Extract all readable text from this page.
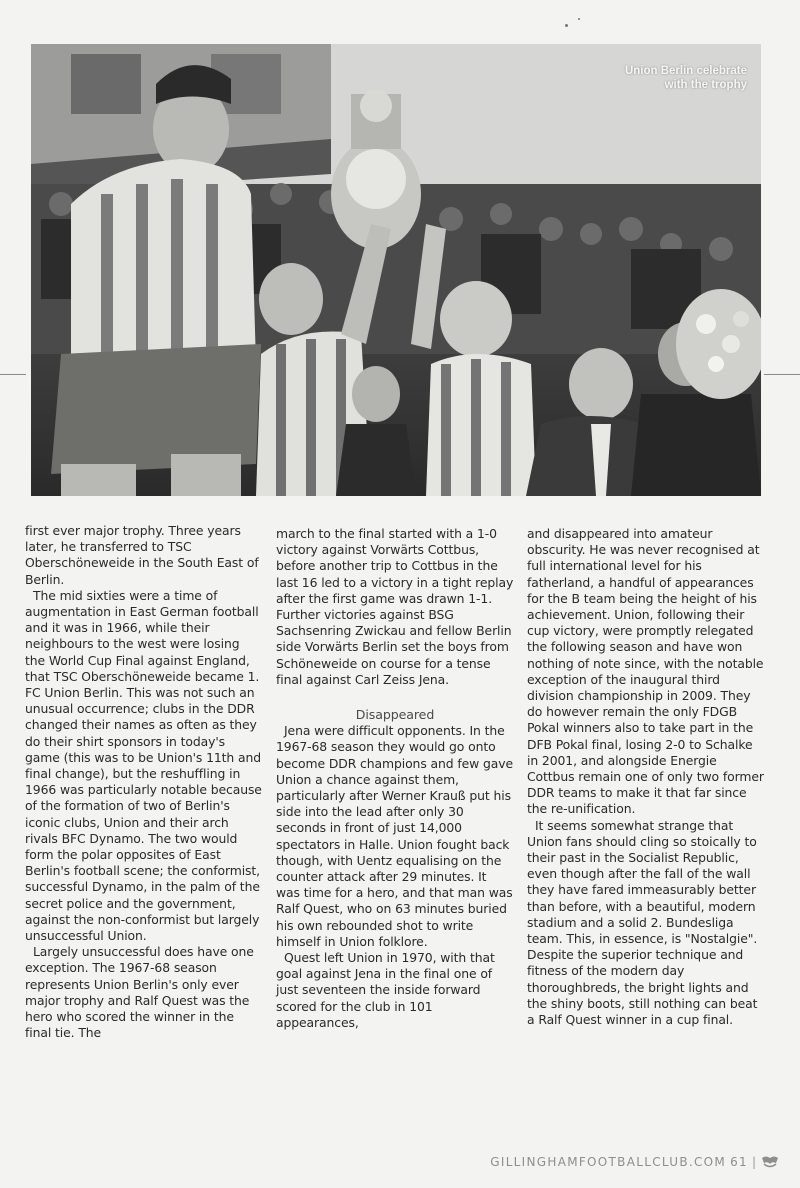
Union Berlin celebrate
with the trophy

first ever major trophy. Three years later, he transferred to TSC Oberschöneweide in the South East of Berlin.

The mid sixties were a time of augmentation in East German football and it was in 1966, while their neighbours to the west were losing the World Cup Final against England, that TSC Oberschöneweide became 1. FC Union Berlin. This was not such an unusual occurrence; clubs in the DDR changed their names as often as they do their shirt sponsors in today's game (this was to be Union's 11th and final change), but the reshuffling in 1966 was particularly notable because of the formation of two of Berlin's iconic clubs, Union and their arch rivals BFC Dynamo. The two would form the polar opposites of East Berlin's football scene; the conformist, successful Dynamo, in the palm of the secret police and the government, against the non-conformist but largely unsuccessful Union.

Largely unsuccessful does have one exception. The 1967-68 season represents Union Berlin's only ever major trophy and Ralf Quest was the hero who scored the winner in the final tie. The

march to the final started with a 1-0 victory against Vorwärts Cottbus, before another trip to Cottbus in the last 16 led to a victory in a tight replay after the first game was drawn 1-1. Further victories against BSG Sachsenring Zwickau and fellow Berlin side Vorwärts Berlin set the boys from Schöneweide on course for a tense final against Carl Zeiss Jena.

Disappeared

Jena were difficult opponents. In the 1967-68 season they would go onto become DDR champions and few gave Union a chance against them, particularly after Werner Krauß put his side into the lead after only 30 seconds in front of just 14,000 spectators in Halle. Union fought back though, with Uentz equalising on the counter attack after 29 minutes. It was time for a hero, and that man was Ralf Quest, who on 63 minutes buried his own rebounded shot to write himself in Union folklore.

Quest left Union in 1970, with that goal against Jena in the final one of just seventeen the inside forward scored for the club in 101 appearances,

and disappeared into amateur obscurity. He was never recognised at full international level for his fatherland, a handful of appearances for the B team being the height of his achievement. Union, following their cup victory, were promptly relegated the following season and have won nothing of note since, with the notable exception of the inaugural third division championship in 2009. They do however remain the only FDGB Pokal winners also to take part in the DFB Pokal final, losing 2-0 to Schalke in 2001, and alongside Energie Cottbus remain one of only two former DDR teams to make it that far since the re-unification.

It seems somewhat strange that Union fans should cling so stoically to their past in the Socialist Republic, even though after the fall of the wall they have fared immeasurably better than before, with a beautiful, modern stadium and a solid 2. Bundesliga team. This, in essence, is "Nostalgie". Despite the superior technique and fitness of the modern day thoroughbreds, the bright lights and the shiny boots, still nothing can beat a Ralf Quest winner in a cup final.

GILLINGHAMFOOTBALLCLUB.COM 61 |
